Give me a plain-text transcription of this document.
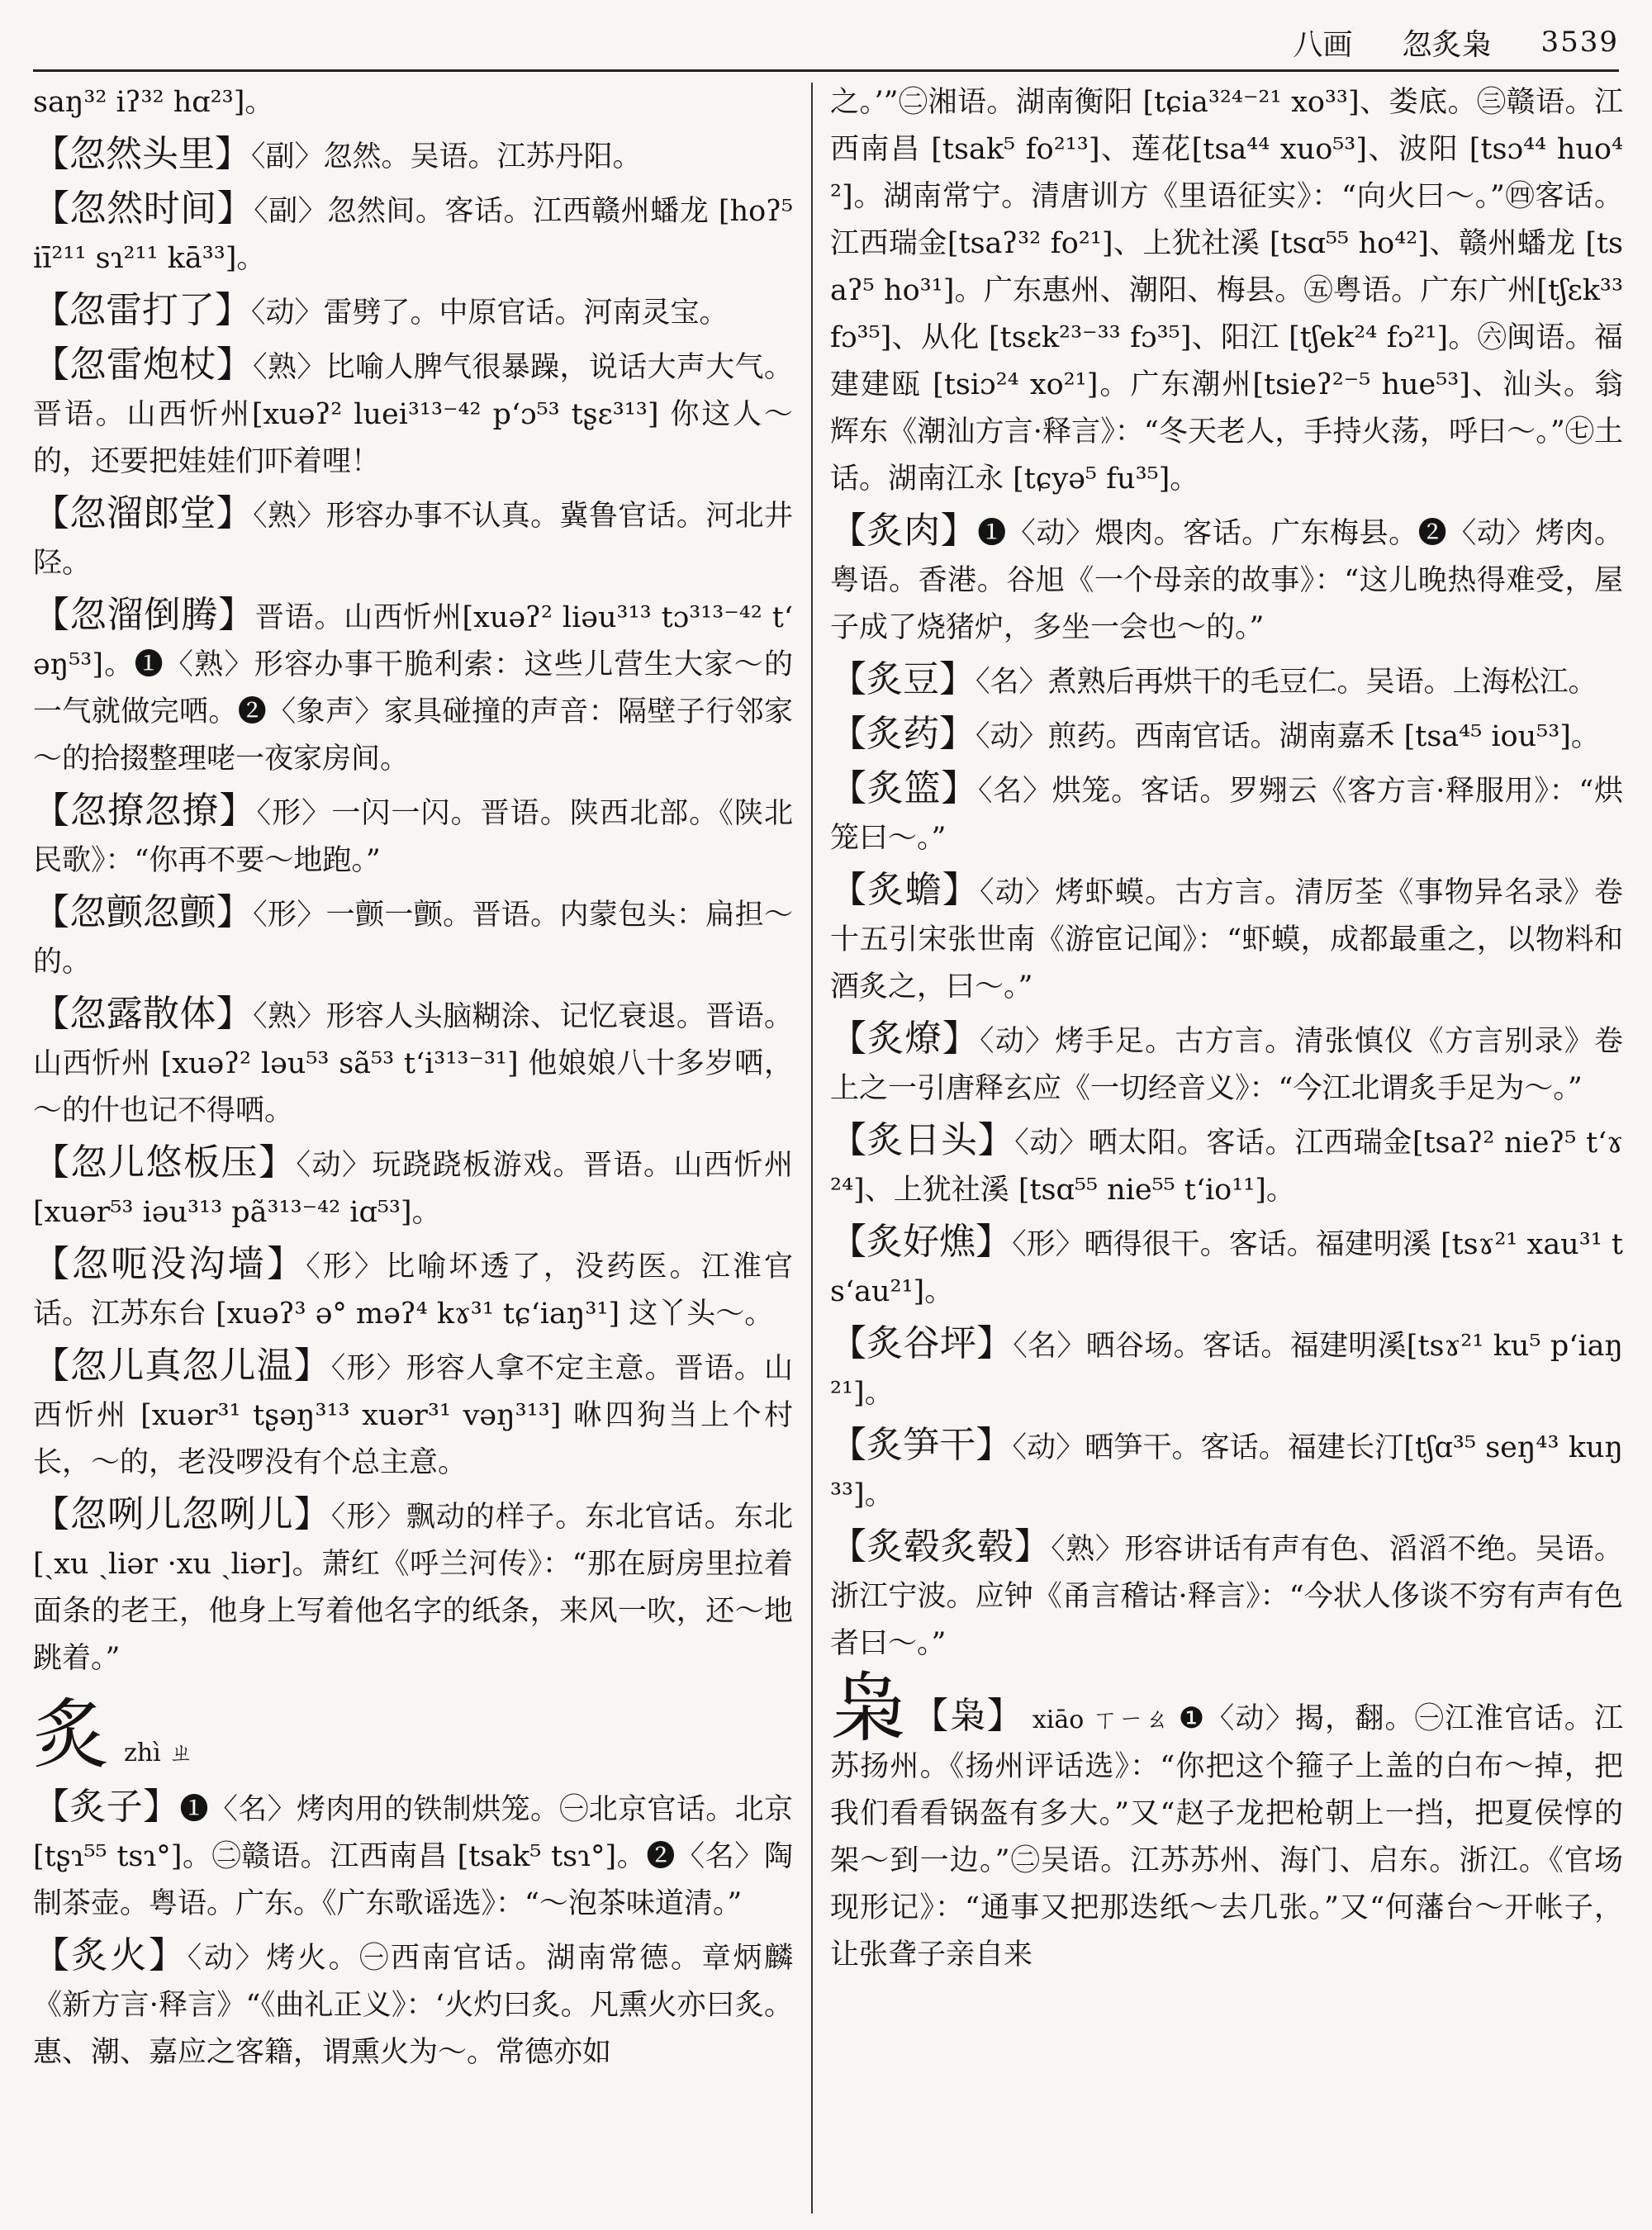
八画 忽炙枭 3539
saŋ³² iʔ³² hɑ²³]。
【忽然头里】〈副〉忽然。吴语。江苏丹阳。
【忽然时间】〈副〉忽然间。客话。江西赣州蟠龙 [hoʔ⁵ iī²¹¹ sɿ²¹¹ kā³³]。
【忽雷打了】〈动〉雷劈了。中原官话。河南灵宝。
【忽雷炮杖】〈熟〉比喻人脾气很暴躁，说话大声大气。晋语。山西忻州[xuəʔ² luei³¹³⁻⁴² pʻɔ⁵³ tʂɛ³¹³] 你这人～的，还要把娃娃们吓着哩！
【忽溜郎堂】〈熟〉形容办事不认真。冀鲁官话。河北井陉。
【忽溜倒腾】晋语。山西忻州[xuəʔ² liəu³¹³ tɔ³¹³⁻⁴² tʻəŋ⁵³]。❶〈熟〉形容办事干脆利索：这些儿营生大家～的一气就做完哂。❷〈象声〉家具碰撞的声音：隔壁子行邻家～的拾掇整理咾一夜家房间。
【忽撩忽撩】〈形〉一闪一闪。晋语。陕西北部。《陕北民歌》：“你再不要～地跑。”
【忽颤忽颤】〈形〉一颤一颤。晋语。内蒙包头：扁担～的。
【忽露散体】〈熟〉形容人头脑糊涂、记忆衰退。晋语。山西忻州 [xuəʔ² ləu⁵³ sã⁵³ tʻi³¹³⁻³¹] 他娘娘八十多岁哂，～的什也记不得哂。
【忽儿悠板压】〈动〉玩跷跷板游戏。晋语。山西忻州 [xuər⁵³ iəu³¹³ pã³¹³⁻⁴² iɑ⁵³]。
【忽呃没沟墙】〈形〉比喻坏透了，没药医。江淮官话。江苏东台 [xuəʔ³ ə° məʔ⁴ kɤ³¹ tɕʻiaŋ³¹] 这丫头～。
【忽儿真忽儿温】〈形〉形容人拿不定主意。晋语。山西忻州 [xuər³¹ tʂəŋ³¹³ xuər³¹ vəŋ³¹³] 咻四狗当上个村长，～的，老没啰没有个总主意。
【忽咧儿忽咧儿】〈形〉飘动的样子。东北官话。东北 [ˏxu ˏliər ·xu ˏliər]。萧红《呼兰河传》：“那在厨房里拉着面条的老王，他身上写着他名字的纸条，来风一吹，还～地跳着。”
炙 zhì ㄓ
【炙子】❶〈名〉烤肉用的铁制烘笼。㊀北京官话。北京 [tʂɿ⁵⁵ tsɿ°]。㊁赣语。江西南昌 [tsak⁵ tsɿ°]。❷〈名〉陶制茶壶。粤语。广东。《广东歌谣选》：“～泡茶味道清。”
【炙火】〈动〉烤火。㊀西南官话。湖南常德。章炳麟《新方言·释言》“《曲礼正义》：‘火灼曰炙。凡熏火亦曰炙。惠、潮、嘉应之客籍，谓熏火为～。常德亦如
之。’”㊁湘语。湖南衡阳 [tɕia³²⁴⁻²¹ xo³³]、娄底。㊂赣语。江西南昌 [tsak⁵ fo²¹³]、莲花[tsa⁴⁴ xuo⁵³]、波阳 [tsɔ⁴⁴ huo⁴²]。湖南常宁。清唐训方《里语征实》：“向火曰～。”㊃客话。江西瑞金[tsaʔ³² fo²¹]、上犹社溪 [tsɑ⁵⁵ ho⁴²]、赣州蟠龙 [tsaʔ⁵ ho³¹]。广东惠州、潮阳、梅县。㊄粤语。广东广州[tʃɛk³³ fɔ³⁵]、从化 [tsɛk²³⁻³³ fɔ³⁵]、阳江 [tʃek²⁴ fɔ²¹]。㊅闽语。福建建瓯 [tsiɔ²⁴ xo²¹]。广东潮州[tsieʔ²⁻⁵ hue⁵³]、汕头。翁辉东《潮汕方言·释言》：“冬天老人，手持火荡，呼曰～。”㊆土话。湖南江永 [tɕyə⁵ fu³⁵]。
【炙肉】❶〈动〉煨肉。客话。广东梅县。❷〈动〉烤肉。粤语。香港。谷旭《一个母亲的故事》：“这儿晚热得难受，屋子成了烧猪炉，多坐一会也～的。”
【炙豆】〈名〉煮熟后再烘干的毛豆仁。吴语。上海松江。
【炙药】〈动〉煎药。西南官话。湖南嘉禾 [tsa⁴⁵ iou⁵³]。
【炙篮】〈名〉烘笼。客话。罗翙云《客方言·释服用》：“烘笼曰～。”
【炙蟾】〈动〉烤虾蟆。古方言。清厉荃《事物异名录》卷十五引宋张世南《游宦记闻》：“虾蟆，成都最重之，以物料和酒炙之，曰～。”
【炙燎】〈动〉烤手足。古方言。清张慎仪《方言别录》卷上之一引唐释玄应《一切经音义》：“今江北谓炙手足为～。”
【炙日头】〈动〉晒太阳。客话。江西瑞金[tsaʔ² nieʔ⁵ tʻɤ²⁴]、上犹社溪 [tsɑ⁵⁵ nie⁵⁵ tʻio¹¹]。
【炙好燋】〈形〉晒得很干。客话。福建明溪 [tsɤ²¹ xau³¹ tsʻau²¹]。
【炙谷坪】〈名〉晒谷场。客话。福建明溪[tsɤ²¹ ku⁵ pʻiaŋ²¹]。
【炙笋干】〈动〉晒笋干。客话。福建长汀[tʃɑ³⁵ seŋ⁴³ kuŋ³³]。
【炙毂炙毂】〈熟〉形容讲话有声有色、滔滔不绝。吴语。浙江宁波。应钟《甬言稽诂·释言》：“今状人侈谈不穷有声有色者曰～。”
枭 【枭】 xiāo ㄒㄧㄠ ❶〈动〉揭，翻。㊀江淮官话。江苏扬州。《扬州评话选》：“你把这个箍子上盖的白布～掉，把我们看看锅盔有多大。”又“赵子龙把枪朝上一挡，把夏侯惇的架～到一边。”㊁吴语。江苏苏州、海门、启东。浙江。《官场现形记》：“通事又把那迭纸～去几张。”又“何藩台～开帐子，让张聋子亲自来
